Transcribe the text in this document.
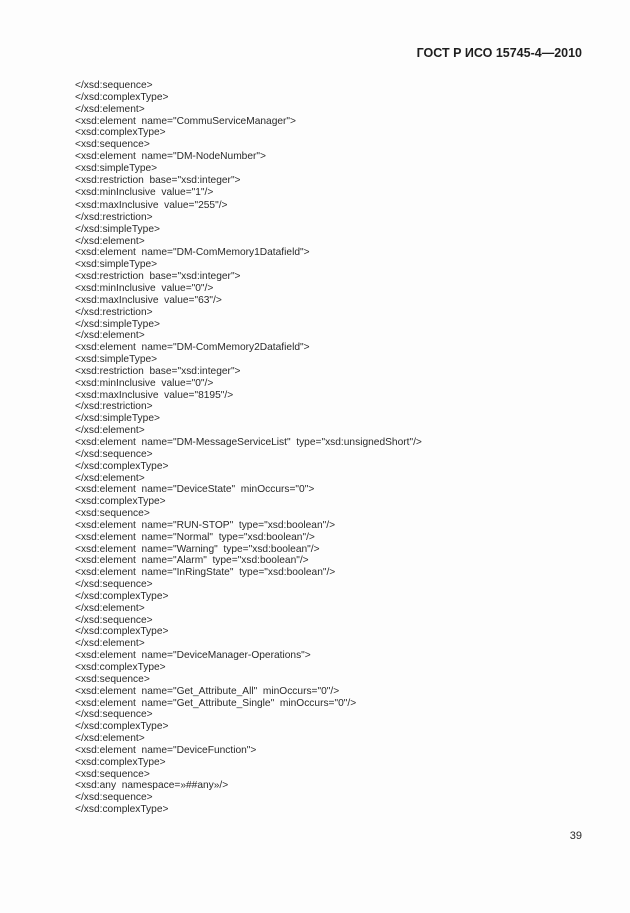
ГОСТ Р ИСО 15745-4—2010
</xsd:sequence>
</xsd:complexType>
</xsd:element>
<xsd:element  name="CommuServiceManager">
<xsd:complexType>
<xsd:sequence>
<xsd:element  name="DM-NodeNumber">
<xsd:simpleType>
<xsd:restriction  base="xsd:integer">
<xsd:minInclusive  value="1"/>
<xsd:maxInclusive  value="255"/>
</xsd:restriction>
</xsd:simpleType>
</xsd:element>
<xsd:element  name="DM-ComMemory1Datafield">
<xsd:simpleType>
<xsd:restriction  base="xsd:integer">
<xsd:minInclusive  value="0"/>
<xsd:maxInclusive  value="63"/>
</xsd:restriction>
</xsd:simpleType>
</xsd:element>
<xsd:element  name="DM-ComMemory2Datafield">
<xsd:simpleType>
<xsd:restriction  base="xsd:integer">
<xsd:minInclusive  value="0"/>
<xsd:maxInclusive  value="8195"/>
</xsd:restriction>
</xsd:simpleType>
</xsd:element>
<xsd:element  name="DM-MessageServiceList"  type="xsd:unsignedShort"/>
</xsd:sequence>
</xsd:complexType>
</xsd:element>
<xsd:element  name="DeviceState"  minOccurs="0">
<xsd:complexType>
<xsd:sequence>
<xsd:element  name="RUN-STOP"  type="xsd:boolean"/>
<xsd:element  name="Normal"  type="xsd:boolean"/>
<xsd:element  name="Warning"  type="xsd:boolean"/>
<xsd:element  name="Alarm"  type="xsd:boolean"/>
<xsd:element  name="InRingState"  type="xsd:boolean"/>
</xsd:sequence>
</xsd:complexType>
</xsd:element>
</xsd:sequence>
</xsd:complexType>
</xsd:element>
<xsd:element  name="DeviceManager-Operations">
<xsd:complexType>
<xsd:sequence>
<xsd:element  name="Get_Attribute_All"  minOccurs="0"/>
<xsd:element  name="Get_Attribute_Single"  minOccurs="0"/>
</xsd:sequence>
</xsd:complexType>
</xsd:element>
<xsd:element  name="DeviceFunction">
<xsd:complexType>
<xsd:sequence>
<xsd:any  namespace=»##any»/>
</xsd:sequence>
</xsd:complexType>
39
